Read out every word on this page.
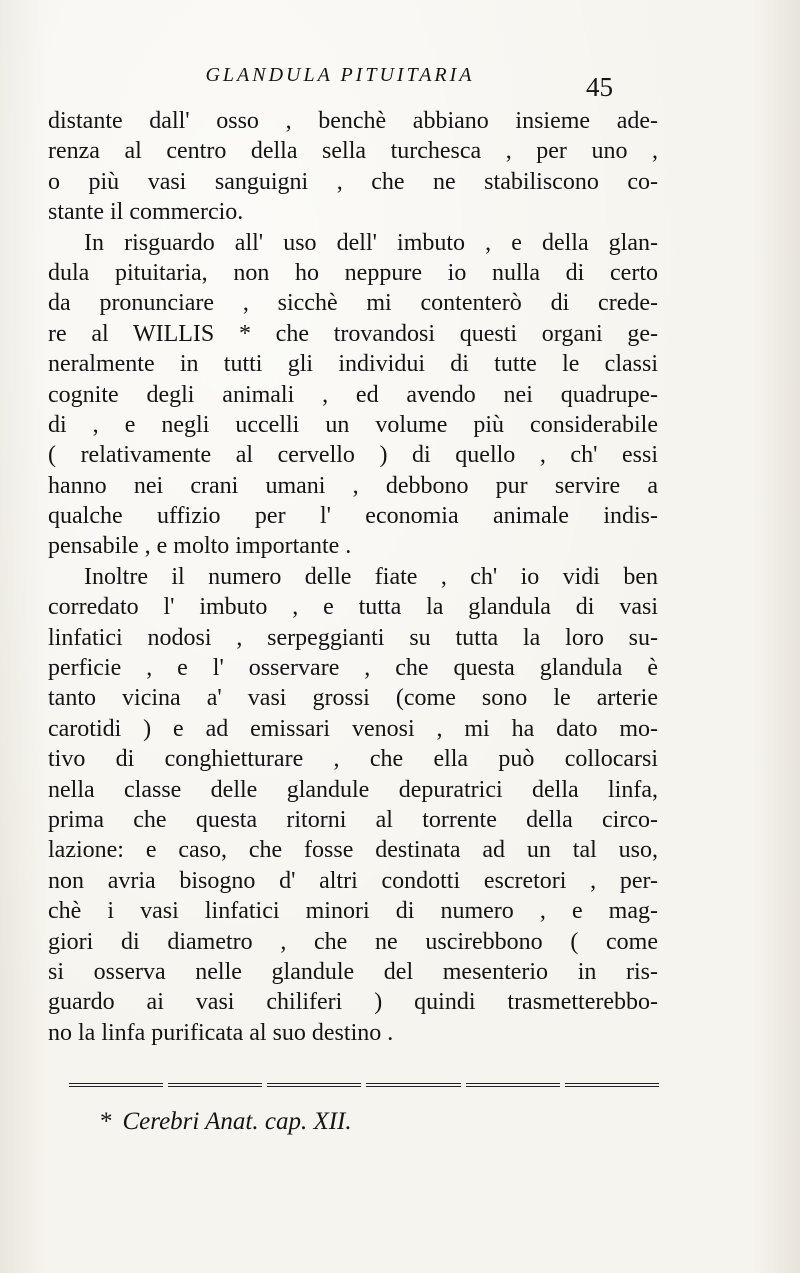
GLANDULA PITUITARIA	45
distante dall' osso , benchè abbiano insieme ade-
renza al centro della sella turchesca , per uno ,
o più vasi sanguigni , che ne stabiliscono co-
stante il commercio.
In risguardo all' uso dell' imbuto , e della glan-
dula pituitaria, non ho neppure io nulla di certo
da pronunciare , sicchè mi contenterò di crede-
re al WILLIS * che trovandosi questi organi ge-
neralmente in tutti gli individui di tutte le classi
cognite degli animali , ed avendo nei quadrupe-
di , e negli uccelli un volume più considerabile
( relativamente al cervello ) di quello , ch' essi
hanno nei crani umani , debbono pur servire a
qualche uffizio per l' economia animale indis-
pensabile , e molto importante .
Inoltre il numero delle fiate , ch' io vidi ben
corredato l' imbuto , e tutta la glandula di vasi
linfatici nodosi , serpeggianti su tutta la loro su-
perficie , e l' osservare , che questa glandula è
tanto vicina a' vasi grossi (come sono le arterie
carotidi ) e ad emissari venosi , mi ha dato mo-
tivo di conghietturare , che ella può collocarsi
nella classe delle glandule depuratrici della linfa,
prima che questa ritorni al torrente della circo-
lazione: e caso, che fosse destinata ad un tal uso,
non avria bisogno d' altri condotti escretori , per-
chè i vasi linfatici minori di numero , e mag-
giori di diametro , che ne uscirebbono ( come
si osserva nelle glandule del mesenterio in ris-
guardo ai vasi chiliferi ) quindi trasmetterebbo-
no la linfa purificata al suo destino .
* Cerebri Anat. cap. XII.
